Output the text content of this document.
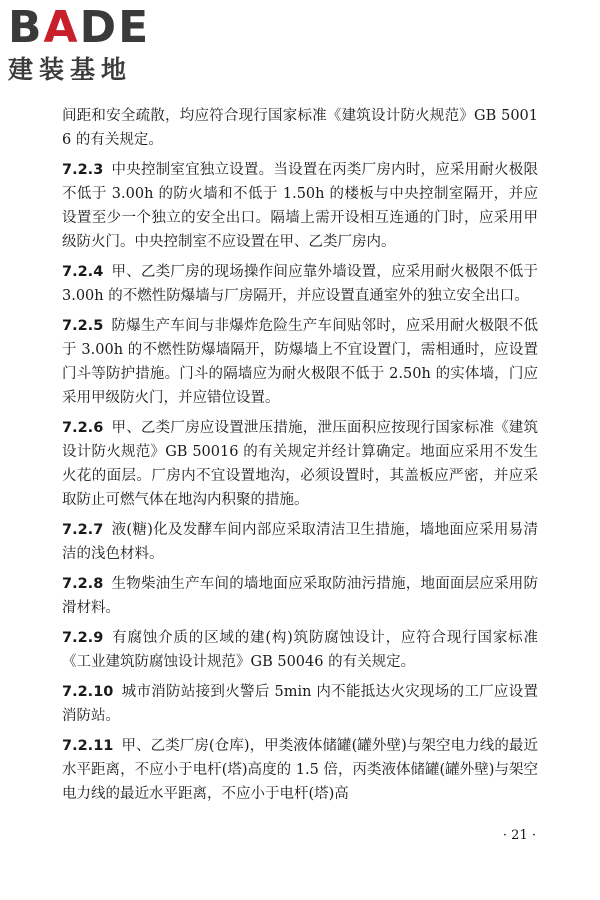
B A DE
建装基地

间距和安全疏散，均应符合现行国家标准《建筑设计防火规范》GB 50016 的有关规定。

7.2.3 中央控制室宜独立设置。当设置在丙类厂房内时，应采用耐火极限不低于 3.00h 的防火墙和不低于 1.50h 的楼板与中央控制室隔开，并应设置至少一个独立的安全出口。隔墙上需开设相互连通的门时，应采用甲级防火门。中央控制室不应设置在甲、乙类厂房内。

7.2.4 甲、乙类厂房的现场操作间应靠外墙设置，应采用耐火极限不低于 3.00h 的不燃性防爆墙与厂房隔开，并应设置直通室外的独立安全出口。

7.2.5 防爆生产车间与非爆炸危险生产车间贴邻时，应采用耐火极限不低于 3.00h 的不燃性防爆墙隔开，防爆墙上不宜设置门，需相通时，应设置门斗等防护措施。门斗的隔墙应为耐火极限不低于 2.50h 的实体墙，门应采用甲级防火门，并应错位设置。

7.2.6 甲、乙类厂房应设置泄压措施，泄压面积应按现行国家标准《建筑设计防火规范》GB 50016 的有关规定并经计算确定。地面应采用不发生火花的面层。厂房内不宜设置地沟，必须设置时，其盖板应严密，并应采取防止可燃气体在地沟内积聚的措施。

7.2.7 液(糖)化及发酵车间内部应采取清洁卫生措施，墙地面应采用易清洁的浅色材料。

7.2.8 生物柴油生产车间的墙地面应采取防油污措施，地面面层应采用防滑材料。

7.2.9 有腐蚀介质的区域的建(构)筑防腐蚀设计，应符合现行国家标准《工业建筑防腐蚀设计规范》GB 50046 的有关规定。

7.2.10 城市消防站接到火警后 5min 内不能抵达火灾现场的工厂应设置消防站。

7.2.11 甲、乙类厂房(仓库)，甲类液体储罐(罐外壁)与架空电力线的最近水平距离，不应小于电杆(塔)高度的 1.5 倍，丙类液体储罐(罐外壁)与架空电力线的最近水平距离，不应小于电杆(塔)高

· 21 ·
